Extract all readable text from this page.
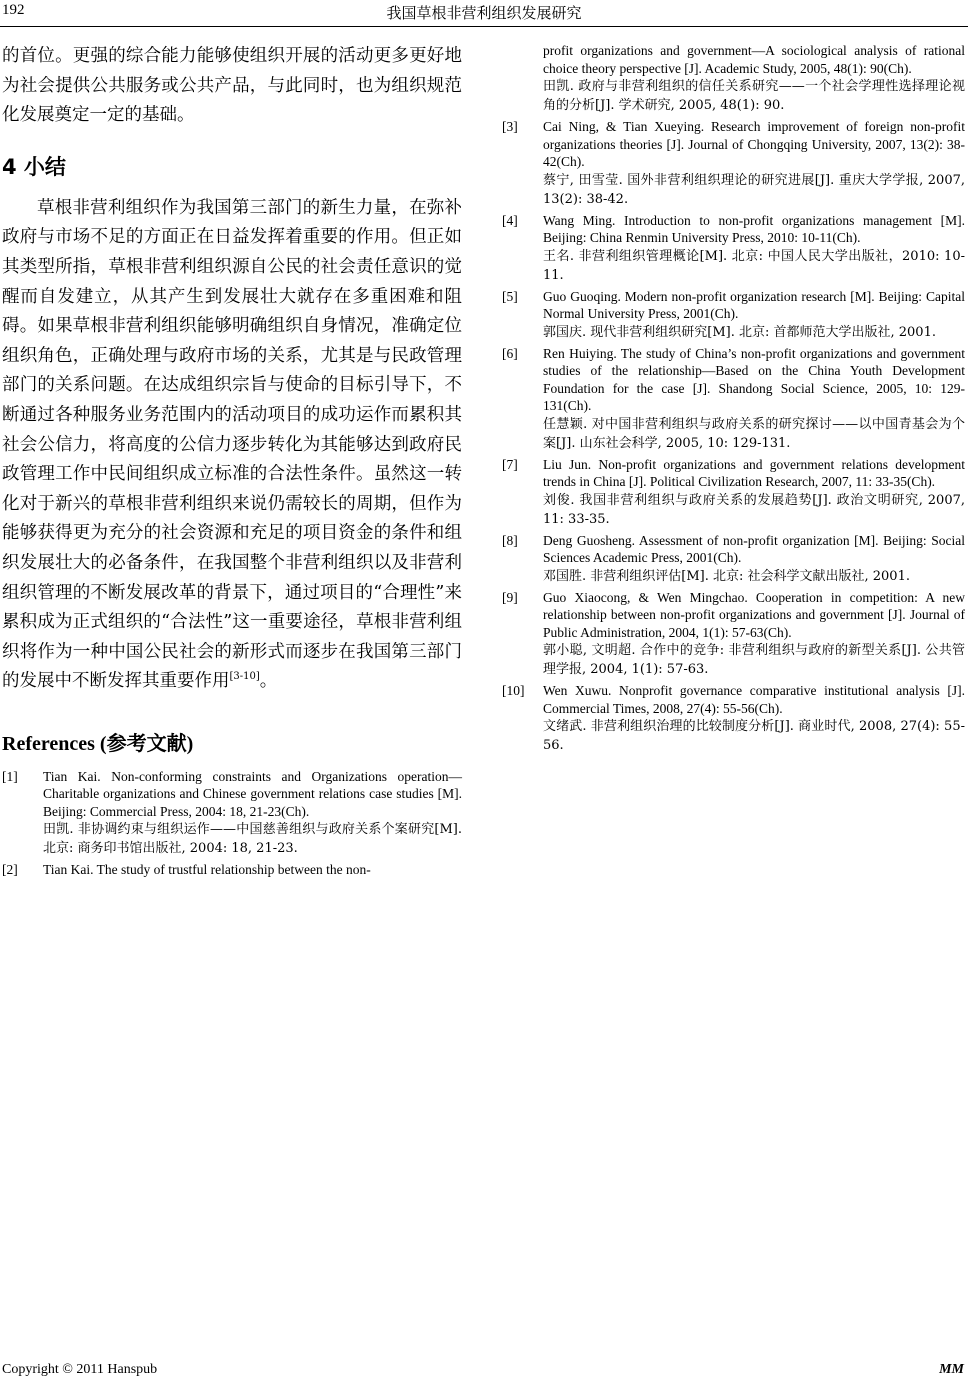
192	我国草根非营利组织发展研究

的首位。更强的综合能力能够使组织开展的活动更多更好地为社会提供公共服务或公共产品，与此同时，也为组织规范化发展奠定一定的基础。

4 小结

草根非营利组织作为我国第三部门的新生力量，在弥补政府与市场不足的方面正在日益发挥着重要的作用。但正如其类型所指，草根非营利组织源自公民的社会责任意识的觉醒而自发建立，从其产生到发展壮大就存在多重困难和阻碍。如果草根非营利组织能够明确组织自身情况，准确定位组织角色，正确处理与政府市场的关系，尤其是与民政管理部门的关系问题。在达成组织宗旨与使命的目标引导下，不断通过各种服务业务范围内的活动项目的成功运作而累积其社会公信力，将高度的公信力逐步转化为其能够达到政府民政管理工作中民间组织成立标准的合法性条件。虽然这一转化对于新兴的草根非营利组织来说仍需较长的周期，但作为能够获得更为充分的社会资源和充足的项目资金的条件和组织发展壮大的必备条件，在我国整个非营利组织以及非营利组织管理的不断发展改革的背景下，通过项目的“合理性”来累积成为正式组织的“合法性”这一重要途径，草根非营利组织将作为一种中国公民社会的新形式而逐步在我国第三部门的发展中不断发挥其重要作用[3-10]。

References (参考文献)
[1] Tian Kai. Non-conforming constraints and Organizations operation—Charitable organizations and Chinese government relations case studies [M]. Beijing: Commercial Press, 2004: 18, 21-23(Ch).
田凯. 非协调约束与组织运作——中国慈善组织与政府关系个案研究[M]. 北京: 商务印书馆出版社, 2004: 18, 21-23.
[2] Tian Kai. The study of trustful relationship between the non-
profit organizations and government—A sociological analysis of rational choice theory perspective [J]. Academic Study, 2005, 48(1): 90(Ch).
田凯. 政府与非营利组织的信任关系研究——一个社会学理性选择理论视角的分析[J]. 学术研究, 2005, 48(1): 90.
[3] Cai Ning, & Tian Xueying. Research improvement of foreign non-profit organizations theories [J]. Journal of Chongqing University, 2007, 13(2): 38-42(Ch).
蔡宁, 田雪莹. 国外非营利组织理论的研究进展[J]. 重庆大学学报, 2007, 13(2): 38-42.
[4] Wang Ming. Introduction to non-profit organizations management [M]. Beijing: China Renmin University Press, 2010: 10-11(Ch).
王名. 非营利组织管理概论[M]. 北京: 中国人民大学出版社，2010: 10-11.
[5] Guo Guoqing. Modern non-profit organization research [M]. Beijing: Capital Normal University Press, 2001(Ch).
郭国庆. 现代非营利组织研究[M]. 北京: 首都师范大学出版社, 2001.
[6] Ren Huiying. The study of China’s non-profit organizations and government studies of the relationship—Based on the China Youth Development Foundation for the case [J]. Shandong Social Science, 2005, 10: 129-131(Ch).
任慧颖. 对中国非营利组织与政府关系的研究探讨——以中国青基会为个案[J]. 山东社会科学, 2005, 10: 129-131.
[7] Liu Jun. Non-profit organizations and government relations development trends in China [J]. Political Civilization Research, 2007, 11: 33-35(Ch).
刘俊. 我国非营利组织与政府关系的发展趋势[J]. 政治文明研究, 2007, 11: 33-35.
[8] Deng Guosheng. Assessment of non-profit organization [M]. Beijing: Social Sciences Academic Press, 2001(Ch).
邓国胜. 非营利组织评估[M]. 北京: 社会科学文献出版社, 2001.
[9] Guo Xiaocong, & Wen Mingchao. Cooperation in competition: A new relationship between non-profit organizations and government [J]. Journal of Public Administration, 2004, 1(1): 57-63(Ch).
郭小聪, 文明超. 合作中的竞争: 非营利组织与政府的新型关系[J]. 公共管理学报, 2004, 1(1): 57-63.
[10] Wen Xuwu. Nonprofit governance comparative institutional analysis [J]. Commercial Times, 2008, 27(4): 55-56(Ch).
文绪武. 非营利组织治理的比较制度分析[J]. 商业时代, 2008, 27(4): 55-56.
Copyright © 2011 Hanspub	MM
